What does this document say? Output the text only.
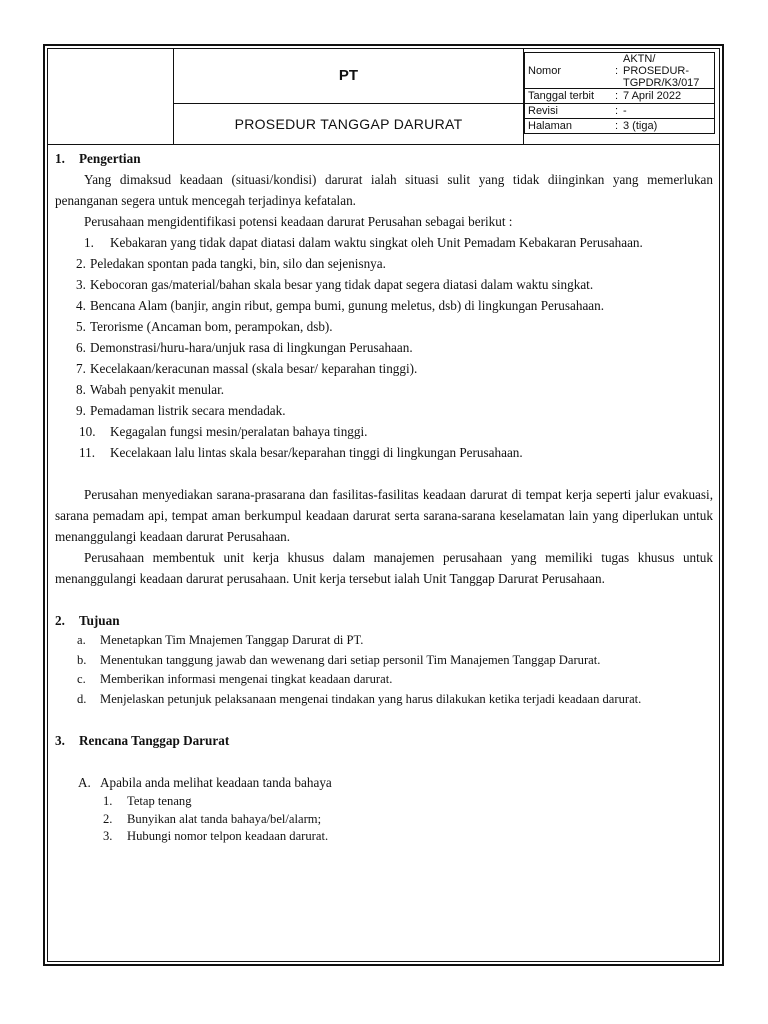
PT
PROSEDUR TANGGAP DARURAT
Nomor	:
AKTN/
PROSEDUR-
TGPDR/K3/017
Tanggal terbit : 7 April 2022
Revisi	: -
Halaman	: 3 (tiga)

1. Pengertian

Yang dimaksud keadaan (situasi/kondisi) darurat ialah situasi sulit yang tidak diinginkan yang memerlukan penanganan segera untuk mencegah terjadinya kefatalan.

Perusahaan mengidentifikasi potensi keadaan darurat Perusahan sebagai berikut :

1.	Kebakaran yang tidak dapat diatasi dalam waktu singkat oleh Unit Pemadam Kebakaran Perusahaan.
2. Peledakan spontan pada tangki, bin, silo dan sejenisnya.
3. Kebocoran gas/material/bahan skala besar yang tidak dapat segera diatasi dalam waktu singkat.
4. Bencana Alam (banjir, angin ribut, gempa bumi, gunung meletus, dsb) di lingkungan Perusahaan.
5. Terorisme (Ancaman bom, perampokan, dsb).
6. Demonstrasi/huru-hara/unjuk rasa di lingkungan Perusahaan.
7. Kecelakaan/keracunan massal (skala besar/ keparahan tinggi).
8. Wabah penyakit menular.
9. Pemadaman listrik secara mendadak.
10.	Kegagalan fungsi mesin/peralatan bahaya tinggi.
11.	Kecelakaan lalu lintas skala besar/keparahan tinggi di lingkungan Perusahaan.

Perusahan menyediakan sarana-prasarana dan fasilitas-fasilitas keadaan darurat di tempat kerja seperti jalur evakuasi, sarana pemadam api, tempat aman berkumpul keadaan darurat serta sarana-sarana keselamatan lain yang diperlukan untuk menanggulangi keadaan darurat Perusahaan.

Perusahaan membentuk unit kerja khusus dalam manajemen perusahaan yang memiliki tugas khusus untuk menanggulangi keadaan darurat perusahaan. Unit kerja tersebut ialah Unit Tanggap Darurat Perusahaan.

2. Tujuan

a. Menetapkan Tim Mnajemen Tanggap Darurat di PT.
b. Menentukan tanggung jawab dan wewenang dari setiap personil Tim Manajemen Tanggap Darurat.
c. Memberikan informasi mengenai tingkat keadaan darurat.
d. Menjelaskan petunjuk pelaksanaan mengenai tindakan yang harus dilakukan ketika terjadi keadaan darurat.

3. Rencana Tanggap Darurat

A. Apabila anda melihat keadaan tanda bahaya
1. Tetap tenang
2. Bunyikan alat tanda bahaya/bel/alarm;
3. Hubungi nomor telpon keadaan darurat.
